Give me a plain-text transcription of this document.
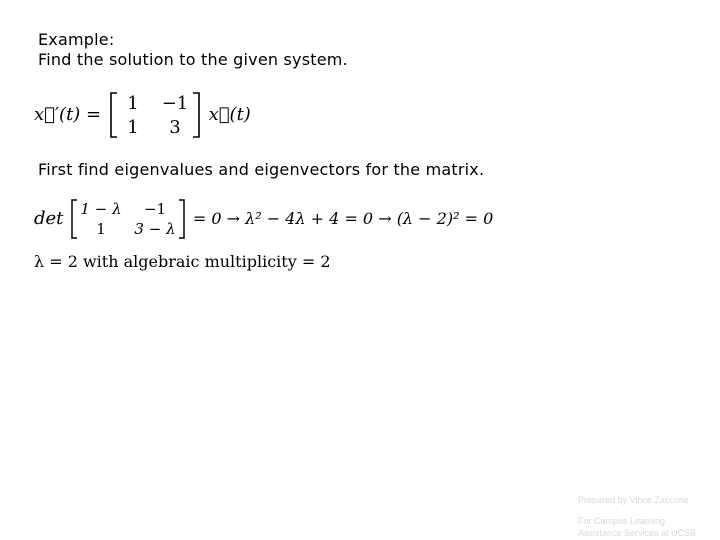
Example:
Find the solution to the given system.
x⃗′(t) =
1 −1
1 3
x⃗(t)
First find eigenvalues and eigenvectors for the matrix.
det 1 − λ −1
1 3 − λ
= 0 → λ² − 4λ + 4 = 0 → (λ − 2)² = 0
λ = 2 with algebraic multiplicity = 2
Prepared by Vince Zaccone
For Campus Learning
Assistance Services at UCSB
